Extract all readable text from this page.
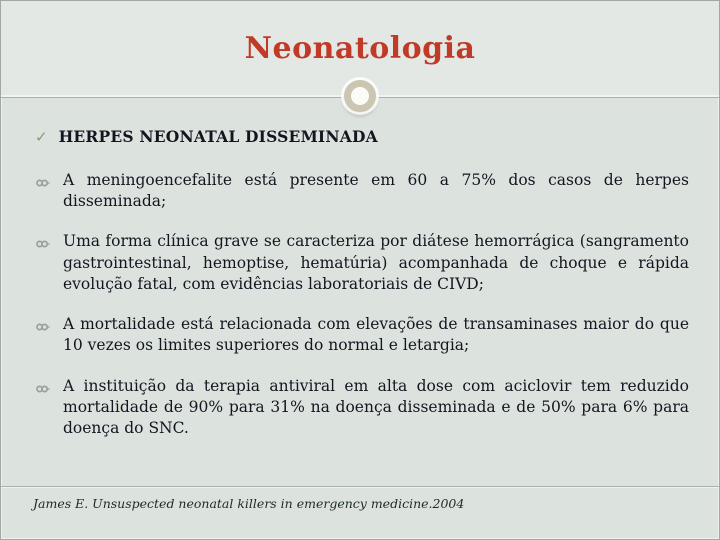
Neonatologia
✓ HERPES NEONATAL DISSEMINADA
A meningoencefalite está presente em 60 a 75% dos casos de herpes disseminada;
Uma forma clínica grave se caracteriza por diátese hemorrágica (sangramento gastrointestinal, hemoptise, hematúria) acompanhada de choque e rápida evolução fatal, com evidências laboratoriais de CIVD;
A mortalidade está relacionada com elevações de transaminases maior do que 10 vezes os limites superiores do normal e letargia;
A instituição da terapia antiviral em alta dose com aciclovir tem reduzido mortalidade de 90% para 31% na doença disseminada e de 50% para 6% para doença do SNC.

James E. Unsuspected neonatal killers in emergency medicine.2004
